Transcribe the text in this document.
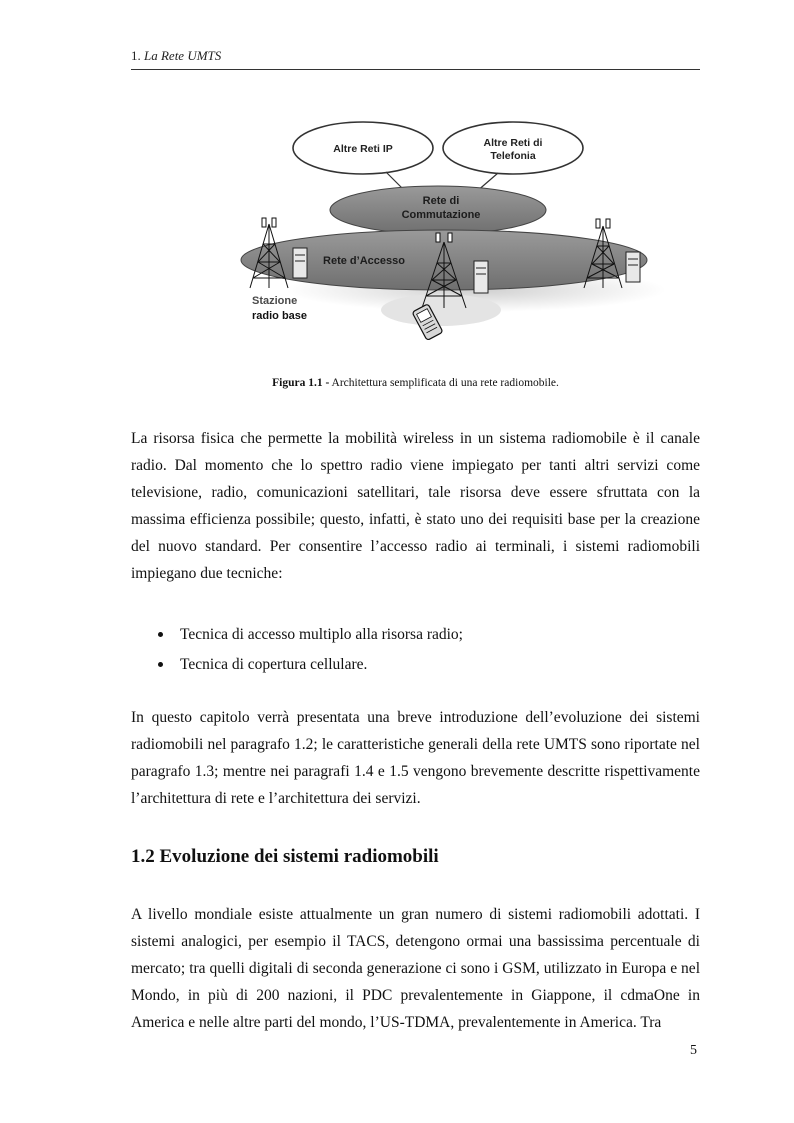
1. La Rete UMTS
Altre Reti IP	Altre Reti di
Telefonia
Rete di
Commutazione
Rete d’Accesso
Stazione
radio base
Figura 1.1 - Architettura semplificata di una rete radiomobile.

La risorsa fisica che permette la mobilità wireless in un sistema radiomobile è il canale radio. Dal momento che lo spettro radio viene impiegato per tanti altri servizi come televisione, radio, comunicazioni satellitari, tale risorsa deve essere sfruttata con la massima efficienza possibile; questo, infatti, è stato uno dei requisiti base per la creazione del nuovo standard. Per consentire l’accesso radio ai terminali, i sistemi radiomobili impiegano due tecniche:

Tecnica di accesso multiplo alla risorsa radio;
Tecnica di copertura cellulare.

In questo capitolo verrà presentata una breve introduzione dell’evoluzione dei sistemi radiomobili nel paragrafo 1.2; le caratteristiche generali della rete UMTS sono riportate nel paragrafo 1.3; mentre nei paragrafi 1.4 e 1.5 vengono brevemente descritte rispettivamente l’architettura di rete e l’architettura dei servizi.

1.2 Evoluzione dei sistemi radiomobili

A livello mondiale esiste attualmente un gran numero di sistemi radiomobili adottati. I sistemi analogici, per esempio il TACS, detengono ormai una bassissima percentuale di mercato; tra quelli digitali di seconda generazione ci sono i GSM, utilizzato in Europa e nel Mondo, in più di 200 nazioni, il PDC prevalentemente in Giappone, il cdmaOne in America e nelle altre parti del mondo, l’US-TDMA, prevalentemente in America. Tra

5
